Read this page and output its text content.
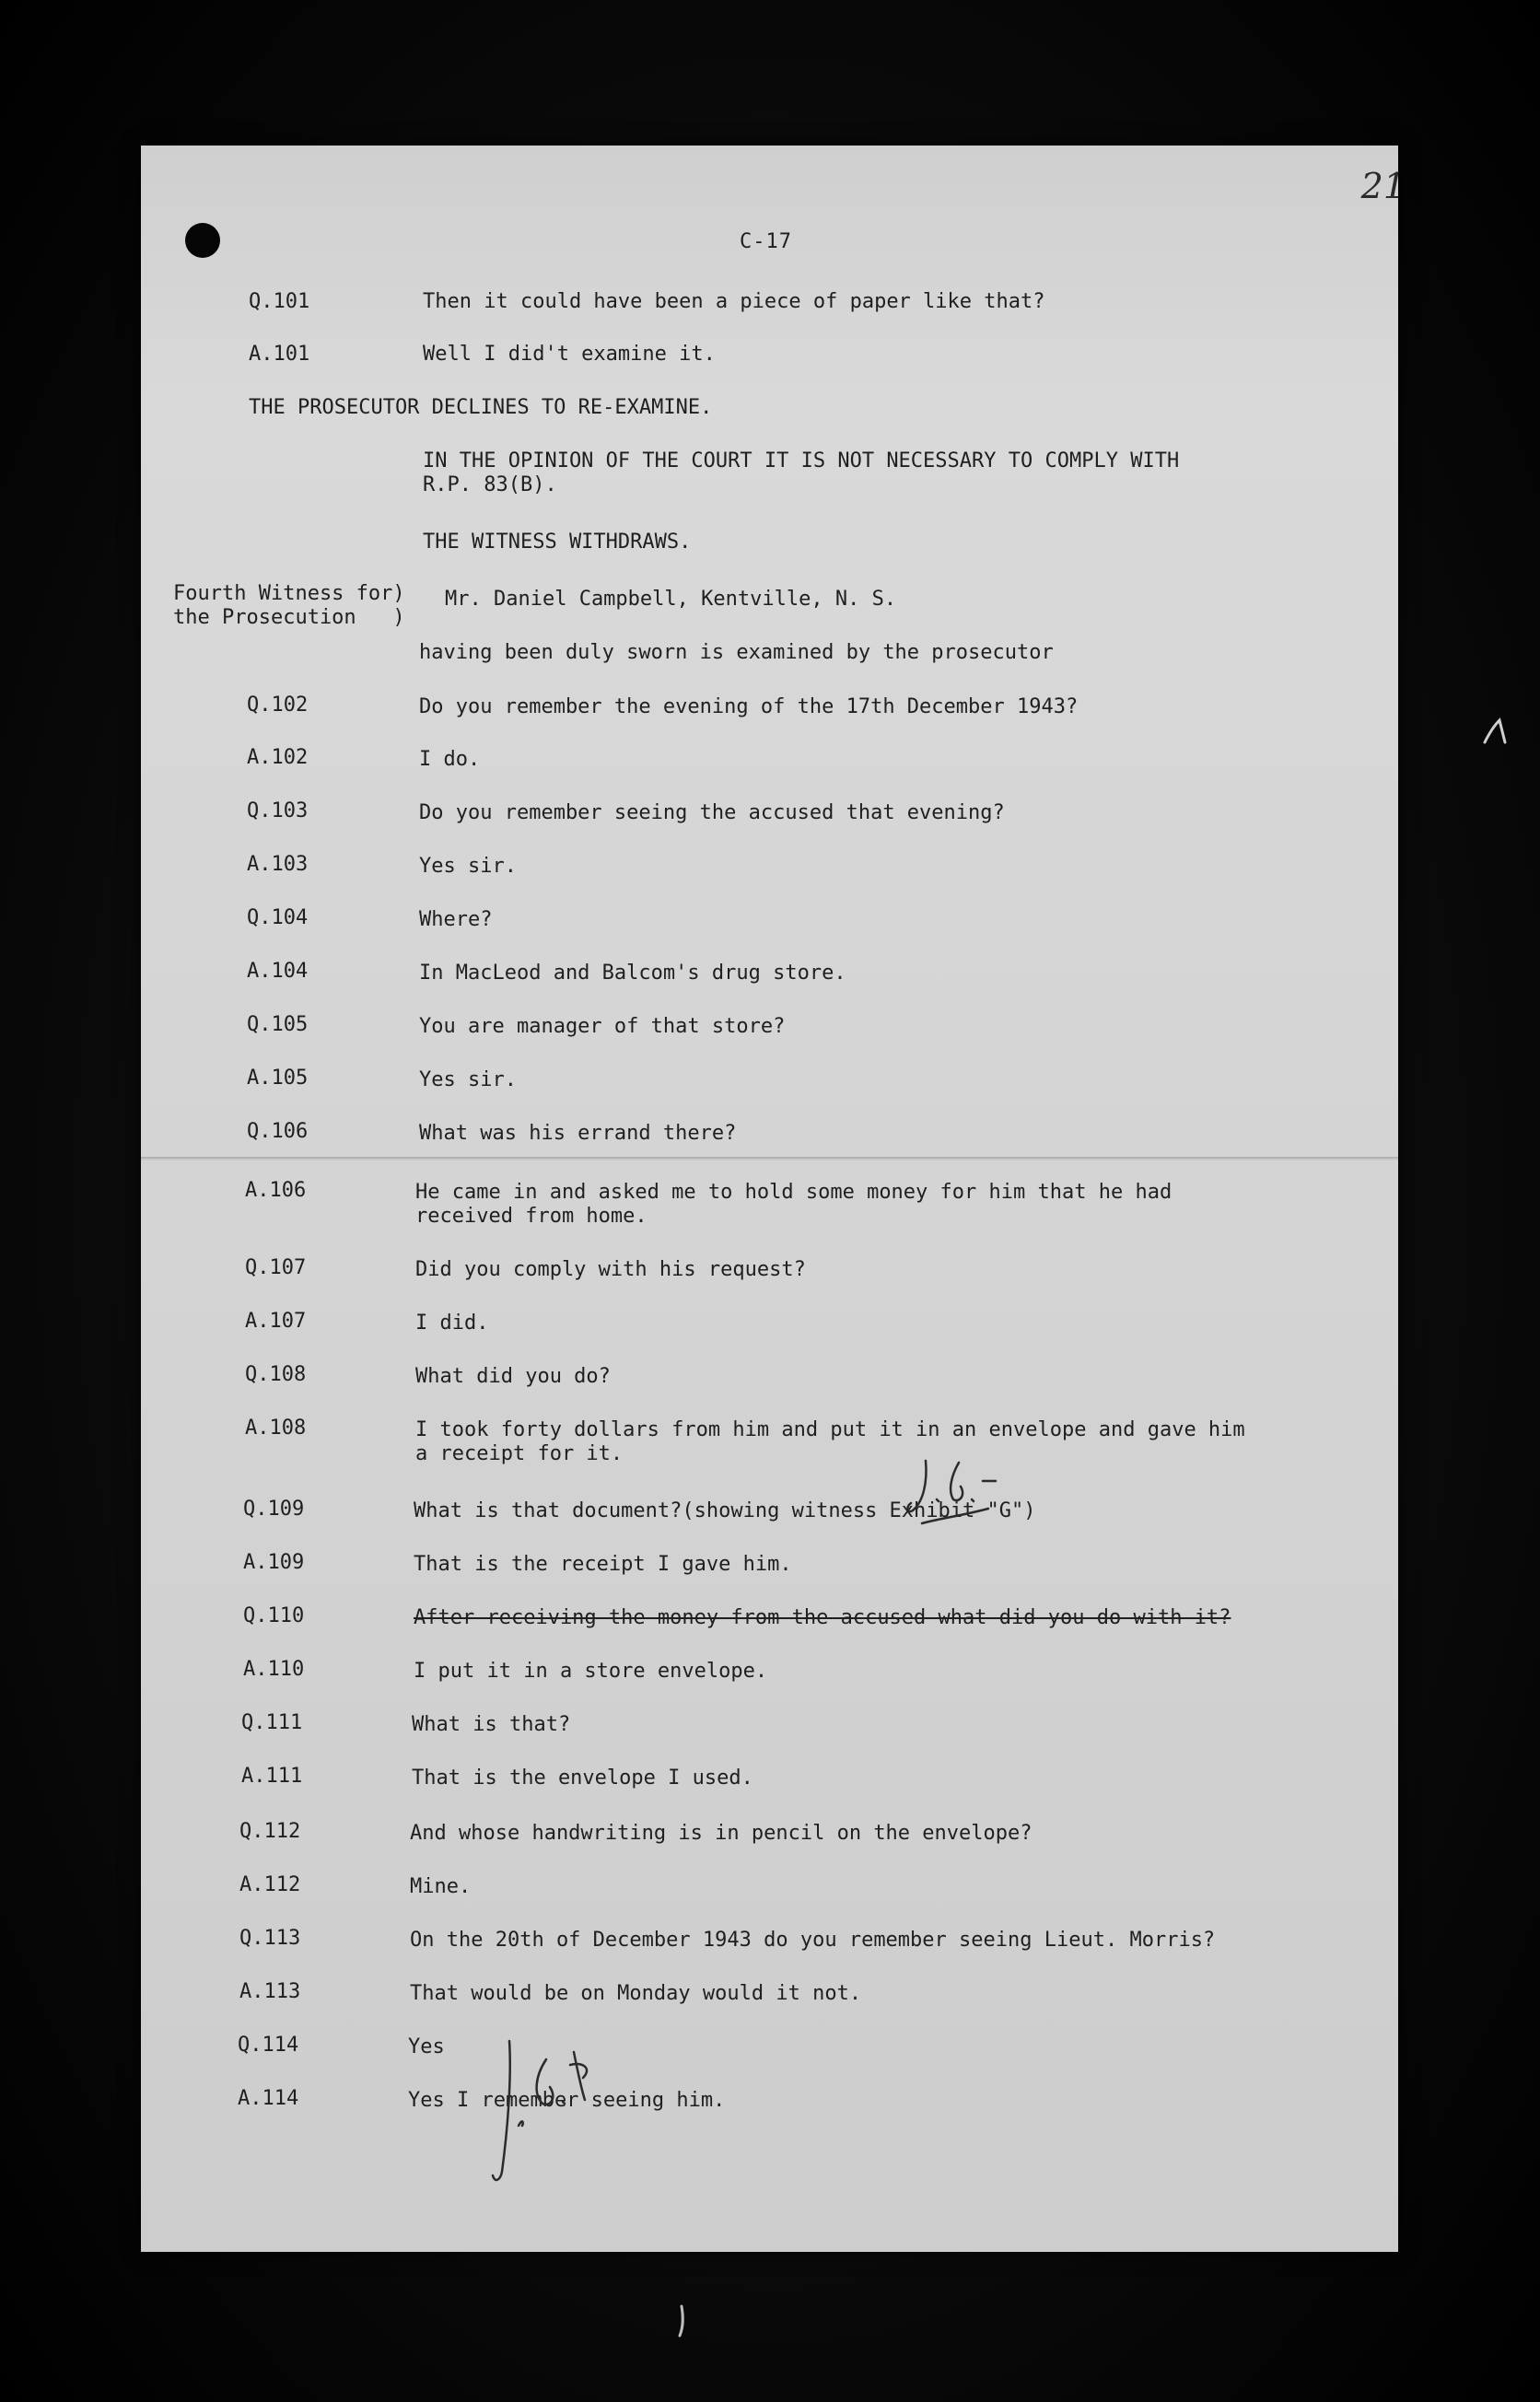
21
C-17
Q.101	Then it could have been a piece of paper like that?
A.101	Well I did't examine it.
THE PROSECUTOR DECLINES TO RE-EXAMINE.
IN THE OPINION OF THE COURT IT IS NOT NECESSARY TO COMPLY WITH
R.P. 83(B).
THE WITNESS WITHDRAWS.
Fourth Witness for)
the Prosecution   )
Mr. Daniel Campbell, Kentville, N. S.
having been duly sworn is examined by the prosecutor
Q.102	Do you remember the evening of the 17th December 1943?
A.102	I do.
Q.103	Do you remember seeing the accused that evening?
A.103	Yes sir.
Q.104	Where?
A.104	In MacLeod and Balcom's drug store.
Q.105	You are manager of that store?
A.105	Yes sir.
Q.106	What was his errand there?
A.106	He came in and asked me to hold some money for him that he had
received from home.
Q.107	Did you comply with his request?
A.107	I did.
Q.108	What did you do?
A.108	I took forty dollars from him and put it in an envelope and gave him
a receipt for it.
Q.109	What is that document?(showing witness Exhibit "G")
A.109	That is the receipt I gave him.
Q.110	After receiving the money from the accused what did you do with it?
A.110	I put it in a store envelope.
Q.111	What is that?
A.111	That is the envelope I used.
Q.112	And whose handwriting is in pencil on the envelope?
A.112	Mine.
Q.113	On the 20th of December 1943 do you remember seeing Lieut. Morris?
A.113	That would be on Monday would it not.
Q.114	Yes
A.114	Yes I remember seeing him.
